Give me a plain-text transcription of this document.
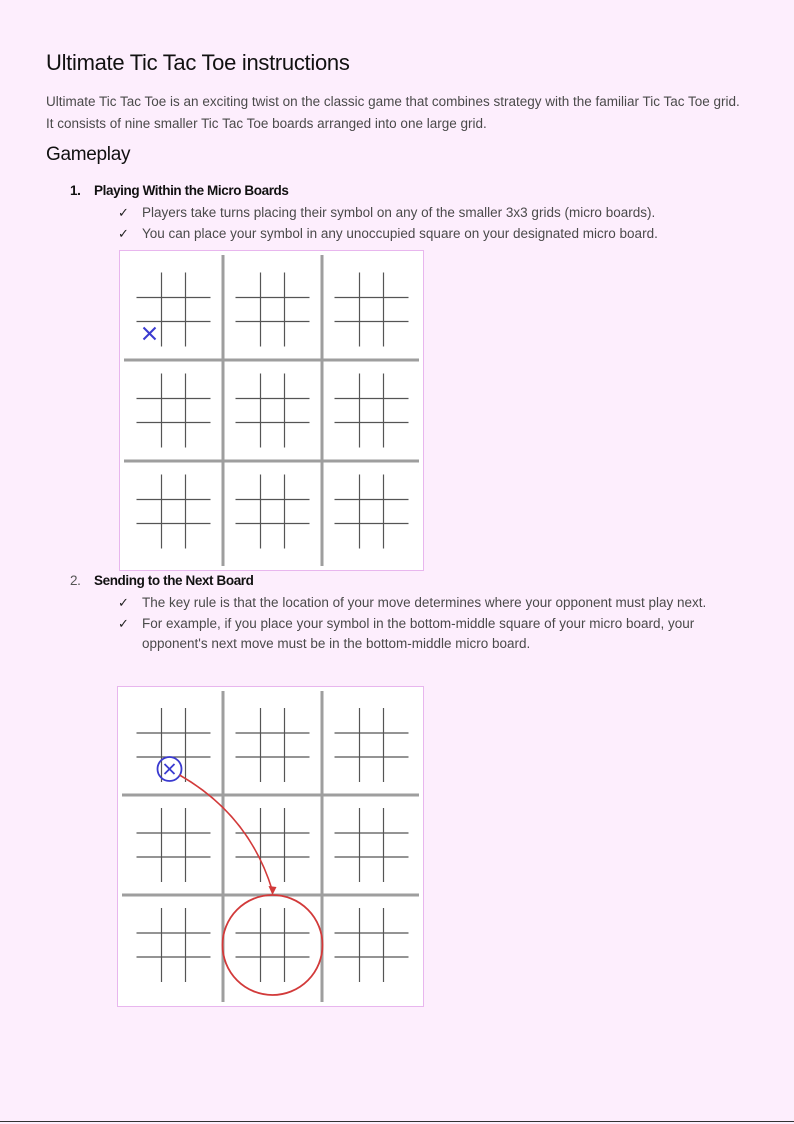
Ultimate Tic Tac Toe instructions

Ultimate Tic Tac Toe is an exciting twist on the classic game that combines strategy with the familiar Tic Tac Toe grid. It consists of nine smaller Tic Tac Toe boards arranged into one large grid.

Gameplay
1. Playing Within the Micro Boards
✓ Players take turns placing their symbol on any of the smaller 3x3 grids (micro boards).
✓ You can place your symbol in any unoccupied square on your designated micro board.
2. Sending to the Next Board
✓ The key rule is that the location of your move determines where your opponent must play next.
✓ For example, if you place your symbol in the bottom-middle square of your micro board, your opponent's next move must be in the bottom-middle micro board.
